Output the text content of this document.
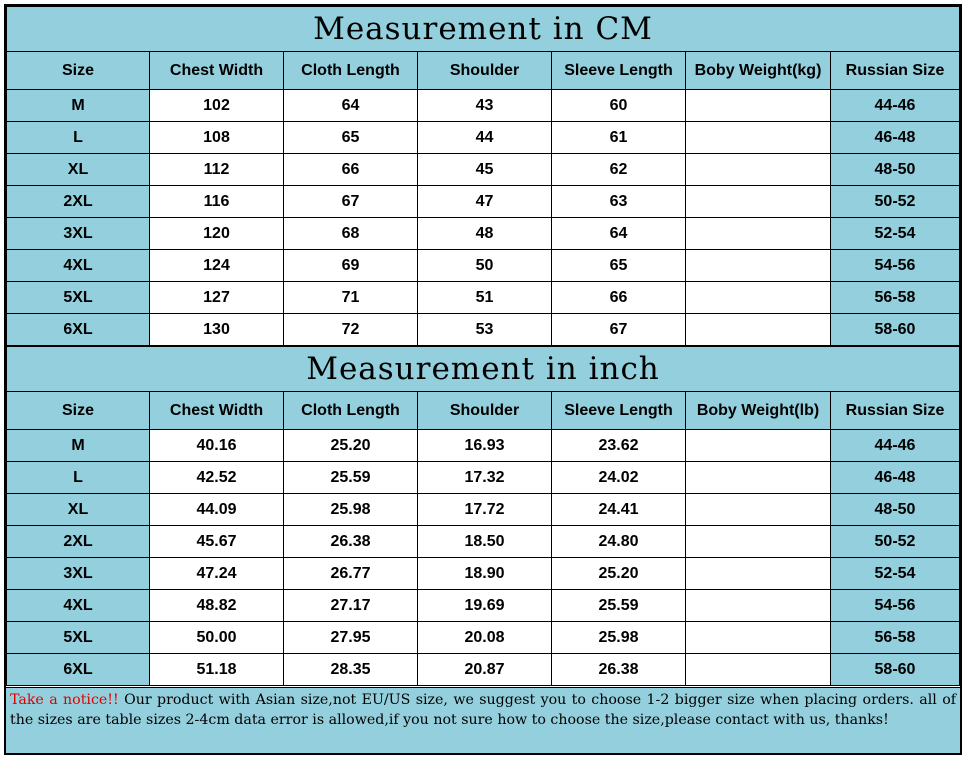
Measurement in CM						
Size	Chest Width	Cloth Length	Shoulder	Sleeve Length	Boby Weight(kg)	Russian Size
M	102	64	43	60		44-46
L	108	65	44	61		46-48
XL	112	66	45	62		48-50
2XL	116	67	47	63		50-52
3XL	120	68	48	64		52-54
4XL	124	69	50	65		54-56
5XL	127	71	51	66		56-58
6XL	130	72	53	67		58-60
Measurement in inch						
Size	Chest Width	Cloth Length	Shoulder	Sleeve Length	Boby Weight(lb)	Russian Size
M	40.16	25.20	16.93	23.62		44-46
L	42.52	25.59	17.32	24.02		46-48
XL	44.09	25.98	17.72	24.41		48-50
2XL	45.67	26.38	18.50	24.80		50-52
3XL	47.24	26.77	18.90	25.20		52-54
4XL	48.82	27.17	19.69	25.59		54-56
5XL	50.00	27.95	20.08	25.98		56-58
6XL	51.18	28.35	20.87	26.38		58-60
Take a notice!! Our product with Asian size,not EU/US size, we suggest you to choose 1-2 bigger size when placing orders. all of the sizes are table sizes 2-4cm data error is allowed,if you not sure how to choose the size,please contact with us, thanks!
